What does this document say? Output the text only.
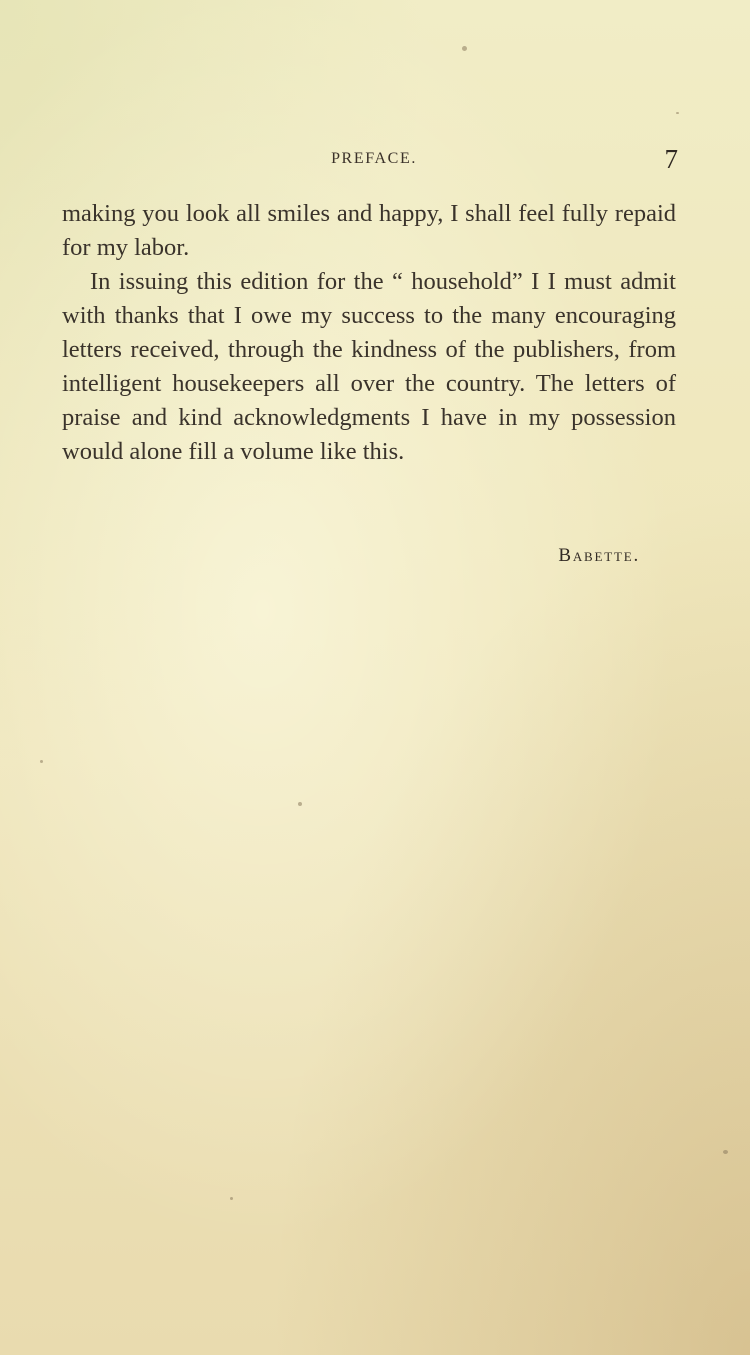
PREFACE.	7

making you look all smiles and happy, I shall feel fully repaid for my labor.

In issuing this edition for the “ household” I I must admit with thanks that I owe my success to the many encouraging letters received, through the kindness of the publishers, from intelligent housekeepers all over the country. The letters of praise and kind acknowledgments I have in my possession would alone fill a volume like this.

Babette.
